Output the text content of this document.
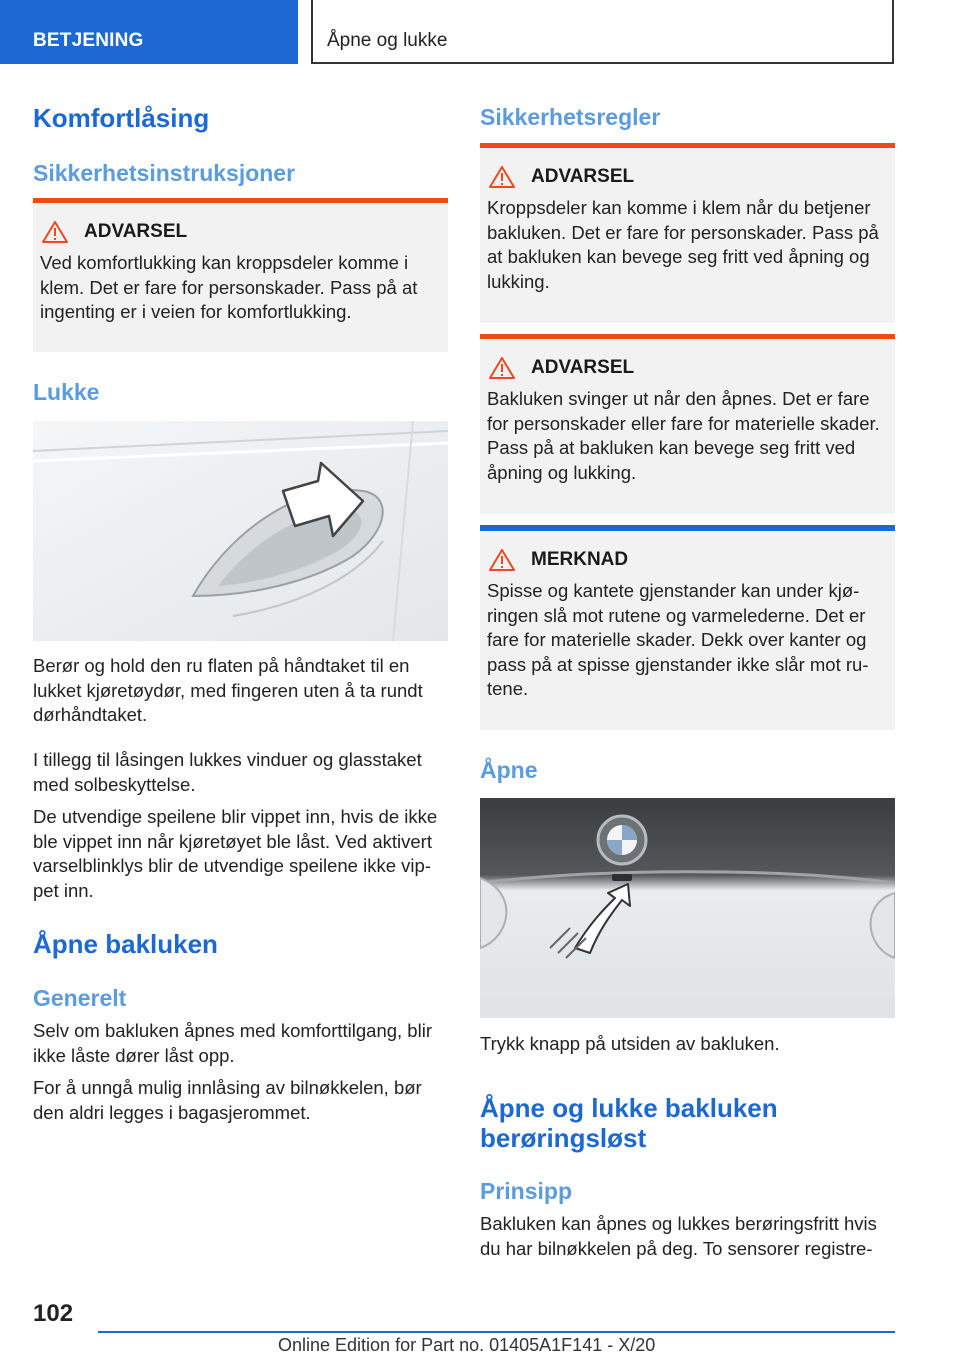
BETJENING	Åpne og lukke
Komfortlåsing
Sikkerhetsinstruksjoner
ADVARSEL
Ved komfortlukking kan kroppsdeler komme i klem. Det er fare for personskader. Pass på at ingenting er i veien for komfortlukking.
Lukke

Berør og hold den ru flaten på håndtaket til en lukket kjøretøydør, med fingeren uten å ta rundt dørhåndtaket.

I tillegg til låsingen lukkes vinduer og glasstaket med solbeskyttelse.

De utvendige speilene blir vippet inn, hvis de ikke ble vippet inn når kjøretøyet ble låst. Ved aktivert varselblinklys blir de utvendige speilene ikke vip-pet inn.

Åpne bakluken
Generelt

Selv om bakluken åpnes med komforttilgang, blir ikke låste dører låst opp.

For å unngå mulig innlåsing av bilnøkkelen, bør den aldri legges i bagasjerommet.

Sikkerhetsregler
ADVARSEL
Kroppsdeler kan komme i klem når du betjener bakluken. Det er fare for personskader. Pass på at bakluken kan bevege seg fritt ved åpning og lukking.
ADVARSEL
Bakluken svinger ut når den åpnes. Det er fare for personskader eller fare for materielle skader. Pass på at bakluken kan bevege seg fritt ved åpning og lukking.
MERKNAD
Spisse og kantete gjenstander kan under kjø-ringen slå mot rutene og varmelederne. Det er fare for materielle skader. Dekk over kanter og pass på at spisse gjenstander ikke slår mot ru-tene.
Åpne

Trykk knapp på utsiden av bakluken.

Åpne og lukke bakluken berøringsløst
Prinsipp

Bakluken kan åpnes og lukkes berøringsfritt hvis du har bilnøkkelen på deg. To sensorer registre-

102
Online Edition for Part no. 01405A1F141 - X/20
